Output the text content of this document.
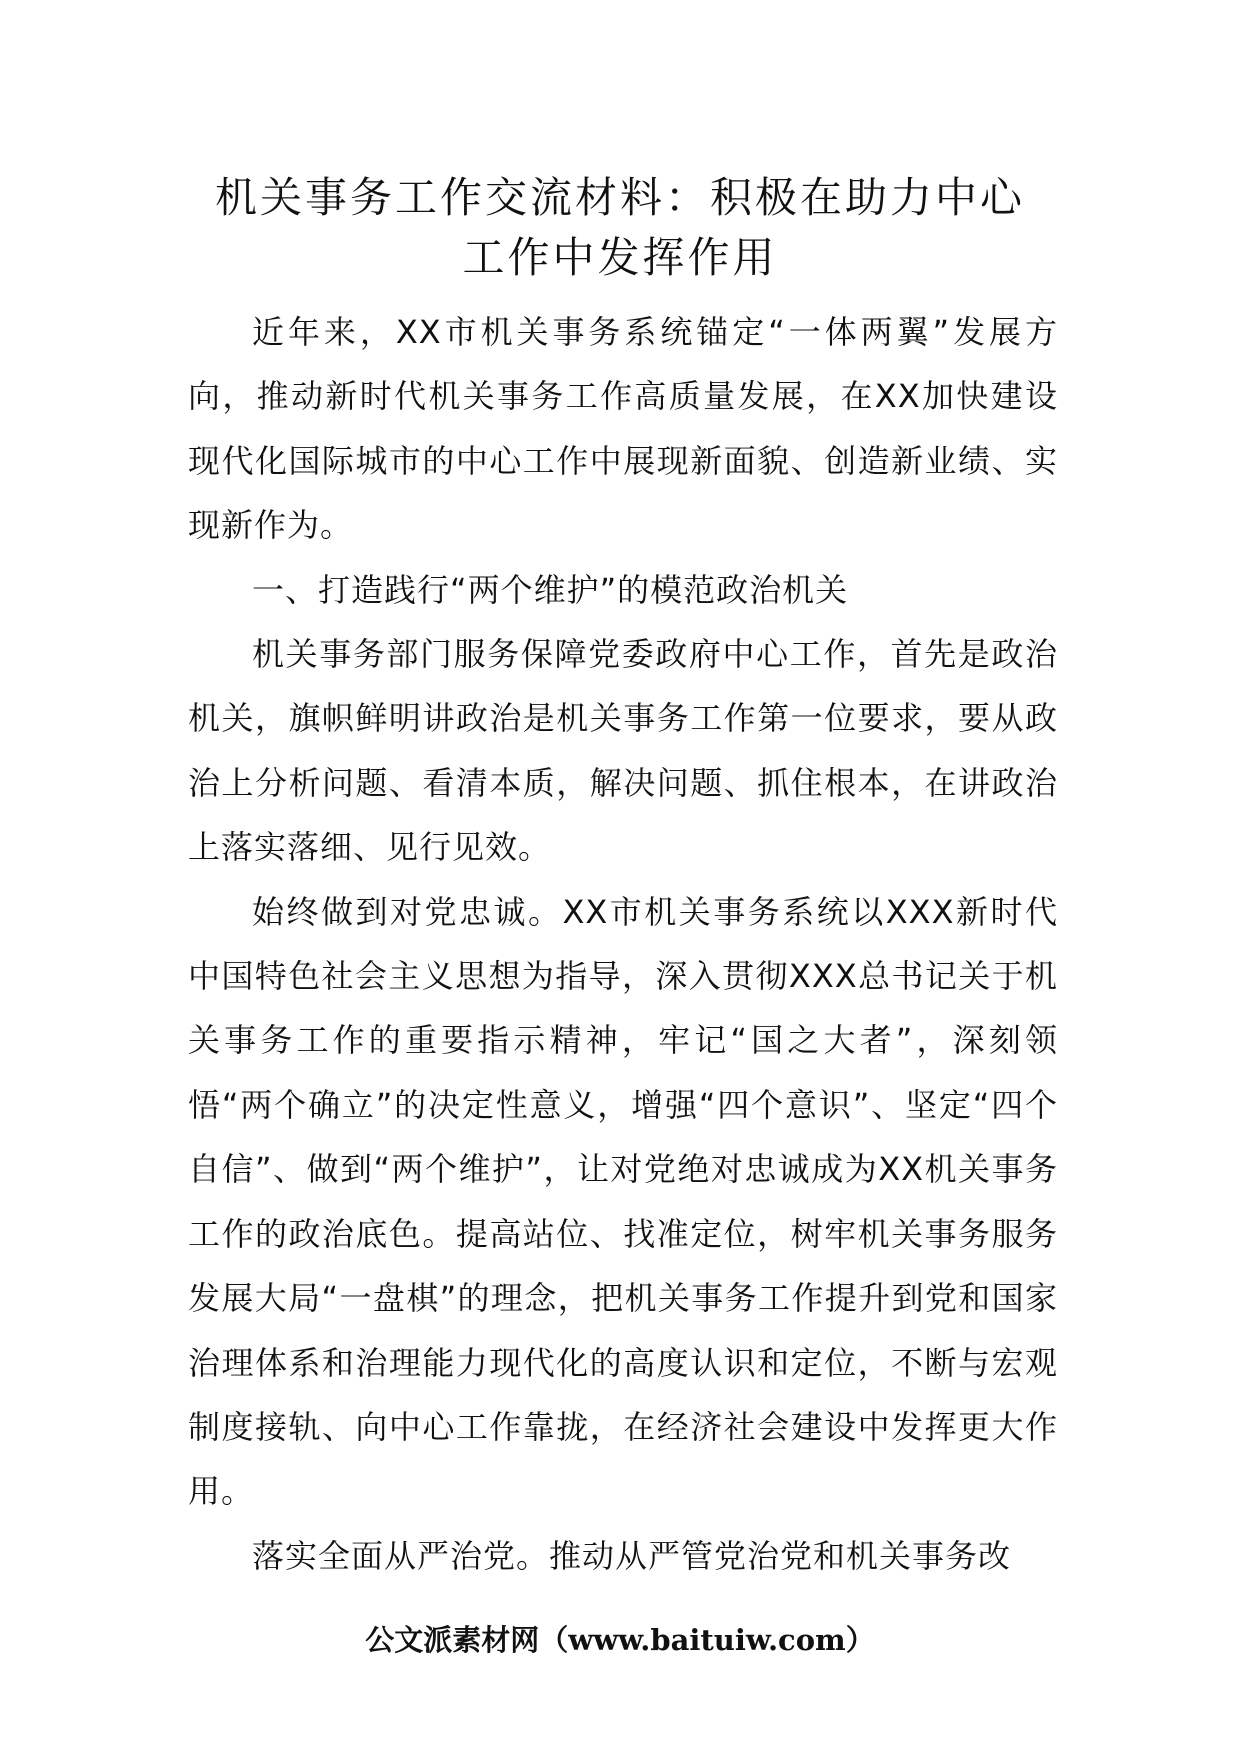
机关事务工作交流材料：积极在助力中心
工作中发挥作用

近年来，XX市机关事务系统锚定“一体两翼”发展方向，推动新时代机关事务工作高质量发展，在XX加快建设现代化国际城市的中心工作中展现新面貌、创造新业绩、实现新作为。

一、打造践行“两个维护”的模范政治机关

机关事务部门服务保障党委政府中心工作，首先是政治机关，旗帜鲜明讲政治是机关事务工作第一位要求，要从政治上分析问题、看清本质，解决问题、抓住根本，在讲政治上落实落细、见行见效。

始终做到对党忠诚。XX市机关事务系统以XXX新时代中国特色社会主义思想为指导，深入贯彻XXX总书记关于机关事务工作的重要指示精神，牢记“国之大者”，深刻领悟“两个确立”的决定性意义，增强“四个意识”、坚定“四个自信”、做到“两个维护”，让对党绝对忠诚成为XX机关事务工作的政治底色。提高站位、找准定位，树牢机关事务服务发展大局“一盘棋”的理念，把机关事务工作提升到党和国家治理体系和治理能力现代化的高度认识和定位，不断与宏观制度接轨、向中心工作靠拢，在经济社会建设中发挥更大作用。

落实全面从严治党。推动从严管党治党和机关事务改

公文派素材网（www.baituiw.com）
